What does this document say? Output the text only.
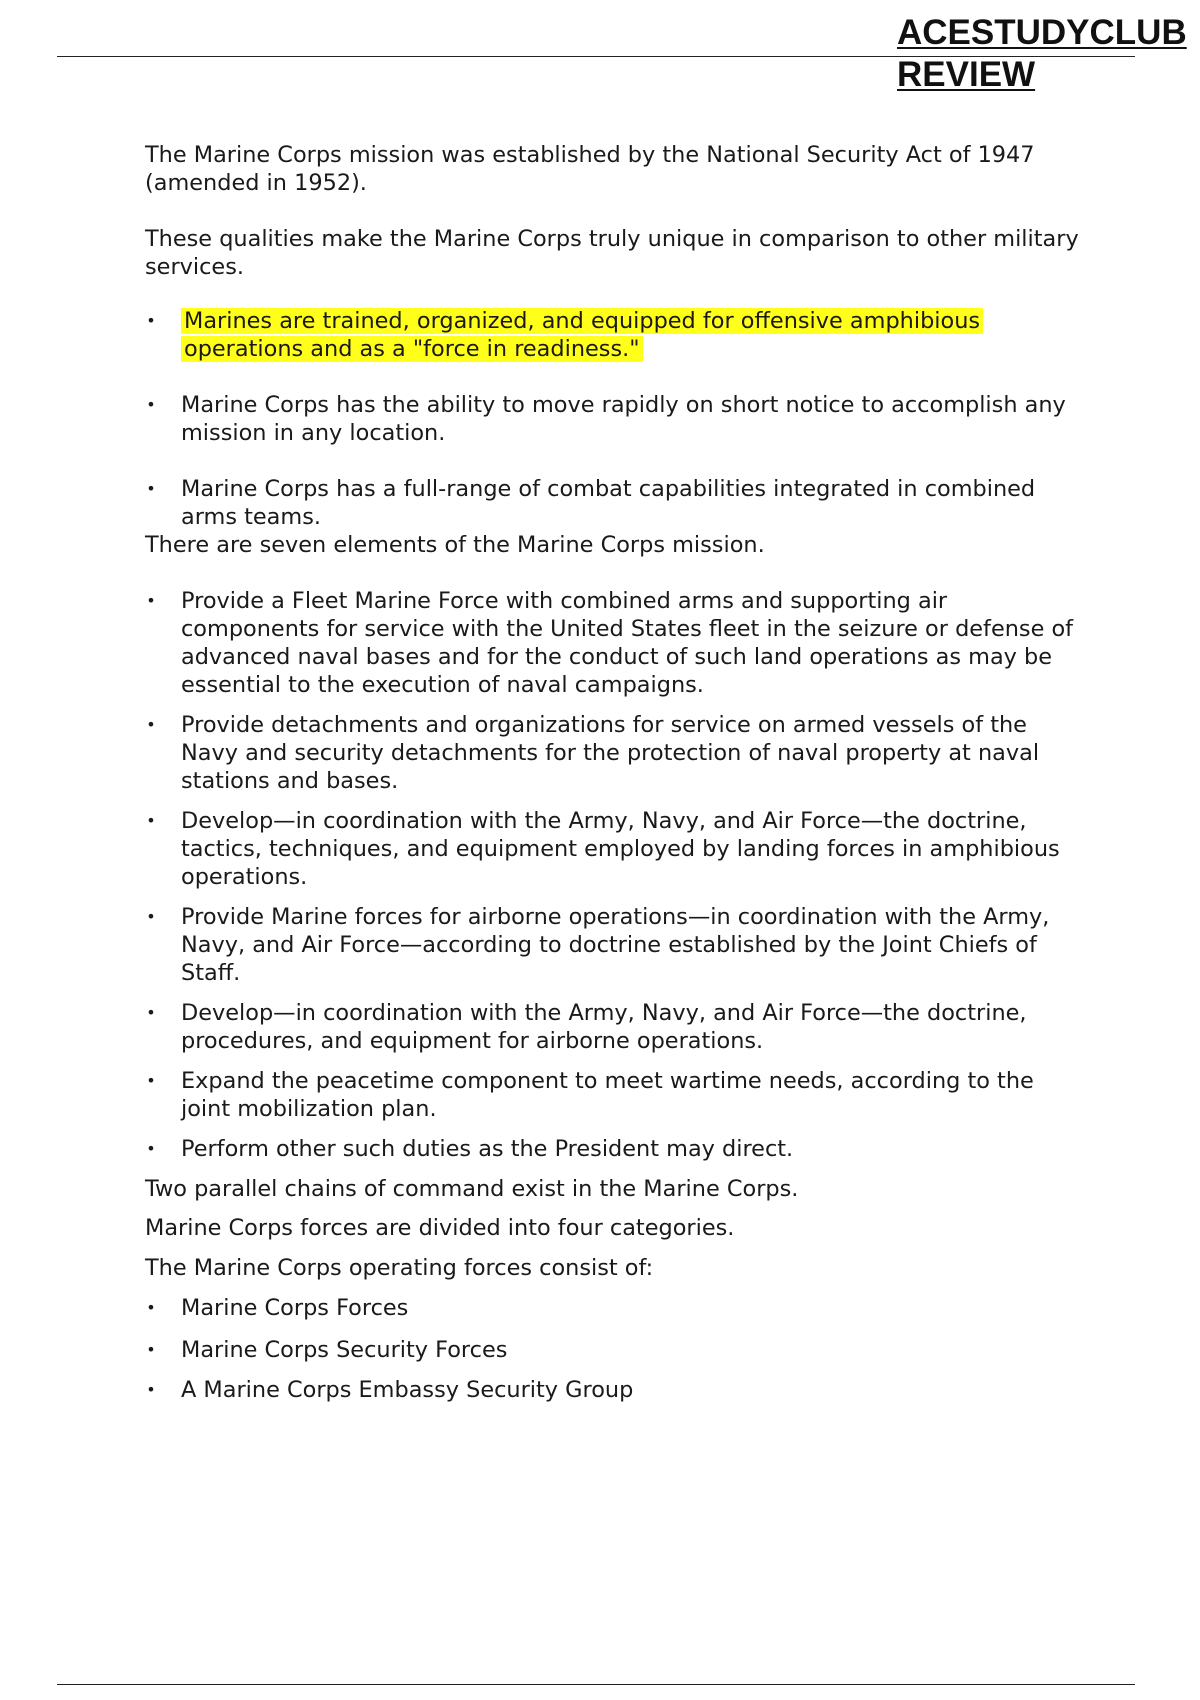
ACESTUDYCLUB
REVIEW

The Marine Corps mission was established by the National Security Act of 1947 (amended in 1952).

These qualities make the Marine Corps truly unique in comparison to other military services.

• Marines are trained, organized, and equipped for offensive amphibious operations and as a "force in readiness."
• Marine Corps has the ability to move rapidly on short notice to accomplish any mission in any location.
• Marine Corps has a full-range of combat capabilities integrated in combined arms teams.

There are seven elements of the Marine Corps mission.

• Provide a Fleet Marine Force with combined arms and supporting air components for service with the United States fleet in the seizure or defense of advanced naval bases and for the conduct of such land operations as may be essential to the execution of naval campaigns.
• Provide detachments and organizations for service on armed vessels of the Navy and security detachments for the protection of naval property at naval stations and bases.
• Develop—in coordination with the Army, Navy, and Air Force—the doctrine, tactics, techniques, and equipment employed by landing forces in amphibious operations.
• Provide Marine forces for airborne operations—in coordination with the Army, Navy, and Air Force—according to doctrine established by the Joint Chiefs of Staff.
• Develop—in coordination with the Army, Navy, and Air Force—the doctrine, procedures, and equipment for airborne operations.
• Expand the peacetime component to meet wartime needs, according to the joint mobilization plan.
• Perform other such duties as the President may direct.

Two parallel chains of command exist in the Marine Corps.

Marine Corps forces are divided into four categories.

The Marine Corps operating forces consist of:

• Marine Corps Forces
• Marine Corps Security Forces
• A Marine Corps Embassy Security Group
